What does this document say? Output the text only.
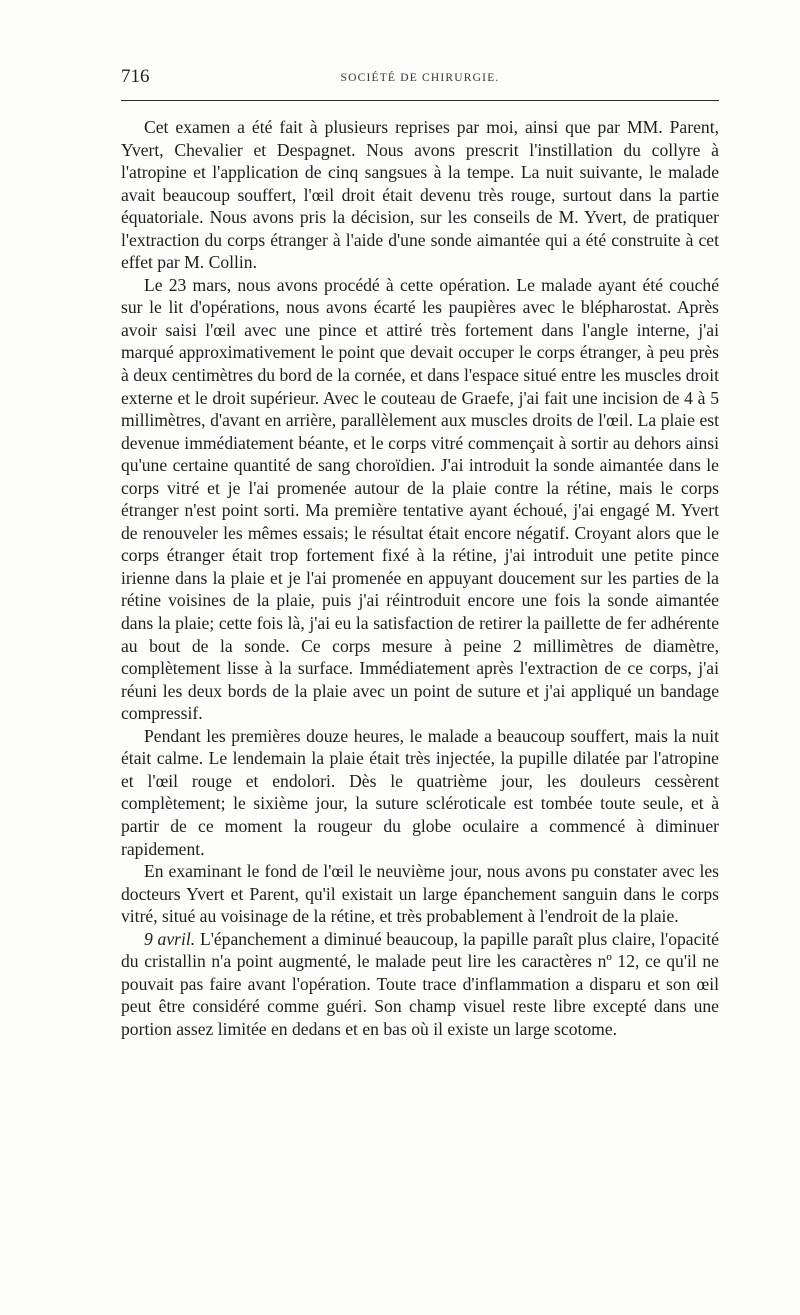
716	SOCIÉTÉ DE CHIRURGIE.

Cet examen a été fait à plusieurs reprises par moi, ainsi que par MM. Parent, Yvert, Chevalier et Despagnet. Nous avons prescrit l'instillation du collyre à l'atropine et l'application de cinq sangsues à la tempe. La nuit suivante, le malade avait beaucoup souffert, l'œil droit était devenu très rouge, surtout dans la partie équatoriale. Nous avons pris la décision, sur les conseils de M. Yvert, de pratiquer l'extraction du corps étranger à l'aide d'une sonde aimantée qui a été construite à cet effet par M. Collin.

Le 23 mars, nous avons procédé à cette opération. Le malade ayant été couché sur le lit d'opérations, nous avons écarté les paupières avec le blépharostat. Après avoir saisi l'œil avec une pince et attiré très fortement dans l'angle interne, j'ai marqué approximativement le point que devait occuper le corps étranger, à peu près à deux centimètres du bord de la cornée, et dans l'espace situé entre les muscles droit externe et le droit supérieur. Avec le couteau de Graefe, j'ai fait une incision de 4 à 5 millimètres, d'avant en arrière, parallèlement aux muscles droits de l'œil. La plaie est devenue immédiatement béante, et le corps vitré commençait à sortir au dehors ainsi qu'une certaine quantité de sang choroïdien. J'ai introduit la sonde aimantée dans le corps vitré et je l'ai promenée autour de la plaie contre la rétine, mais le corps étranger n'est point sorti. Ma première tentative ayant échoué, j'ai engagé M. Yvert de renouveler les mêmes essais; le résultat était encore négatif. Croyant alors que le corps étranger était trop fortement fixé à la rétine, j'ai introduit une petite pince irienne dans la plaie et je l'ai promenée en appuyant doucement sur les parties de la rétine voisines de la plaie, puis j'ai réintroduit encore une fois la sonde aimantée dans la plaie; cette fois là, j'ai eu la satisfaction de retirer la paillette de fer adhérente au bout de la sonde. Ce corps mesure à peine 2 millimètres de diamètre, complètement lisse à la surface. Immédiatement après l'extraction de ce corps, j'ai réuni les deux bords de la plaie avec un point de suture et j'ai appliqué un bandage compressif.

Pendant les premières douze heures, le malade a beaucoup souffert, mais la nuit était calme. Le lendemain la plaie était très injectée, la pupille dilatée par l'atropine et l'œil rouge et endolori. Dès le quatrième jour, les douleurs cessèrent complètement; le sixième jour, la suture scléroticale est tombée toute seule, et à partir de ce moment la rougeur du globe oculaire a commencé à diminuer rapidement.

En examinant le fond de l'œil le neuvième jour, nous avons pu constater avec les docteurs Yvert et Parent, qu'il existait un large épanchement sanguin dans le corps vitré, situé au voisinage de la rétine, et très probablement à l'endroit de la plaie.

9 avril. L'épanchement a diminué beaucoup, la papille paraît plus claire, l'opacité du cristallin n'a point augmenté, le malade peut lire les caractères nº 12, ce qu'il ne pouvait pas faire avant l'opération. Toute trace d'inflammation a disparu et son œil peut être considéré comme guéri. Son champ visuel reste libre excepté dans une portion assez limitée en dedans et en bas où il existe un large scotome.
